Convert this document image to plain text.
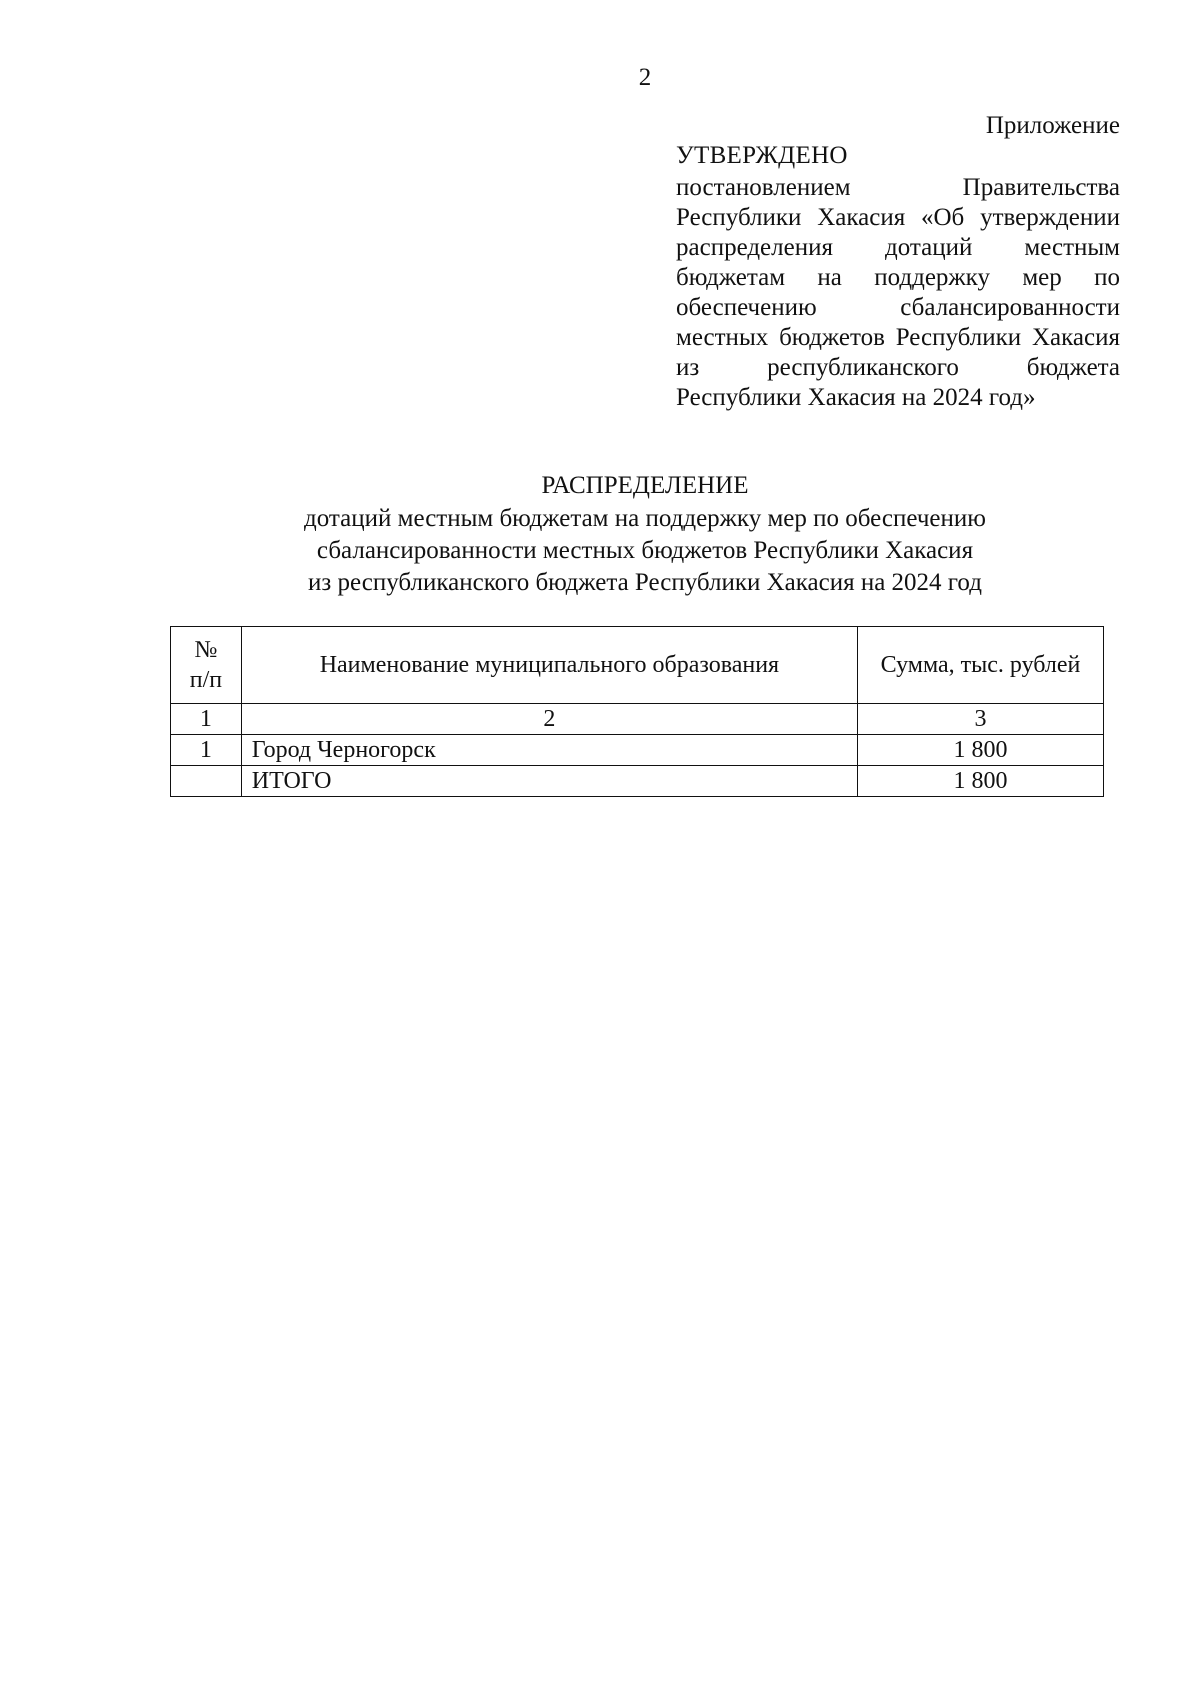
2
Приложение
УТВЕРЖДЕНО
постановлением Правительства Республики Хакасия «Об утверждении распределения дотаций местным бюджетам на поддержку мер по обеспечению сбалансированности местных бюджетов Республики Хакасия из республиканского бюджета Республики Хакасия на 2024 год»
РАСПРЕДЕЛЕНИЕ
дотаций местным бюджетам на поддержку мер по обеспечению
сбалансированности местных бюджетов Республики Хакасия
из республиканского бюджета Республики Хакасия на 2024 год
№
п/п	Наименование муниципального образования	Сумма, тыс. рублей
1	2	3
1	Город Черногорск	1 800
	ИТОГО	1 800
